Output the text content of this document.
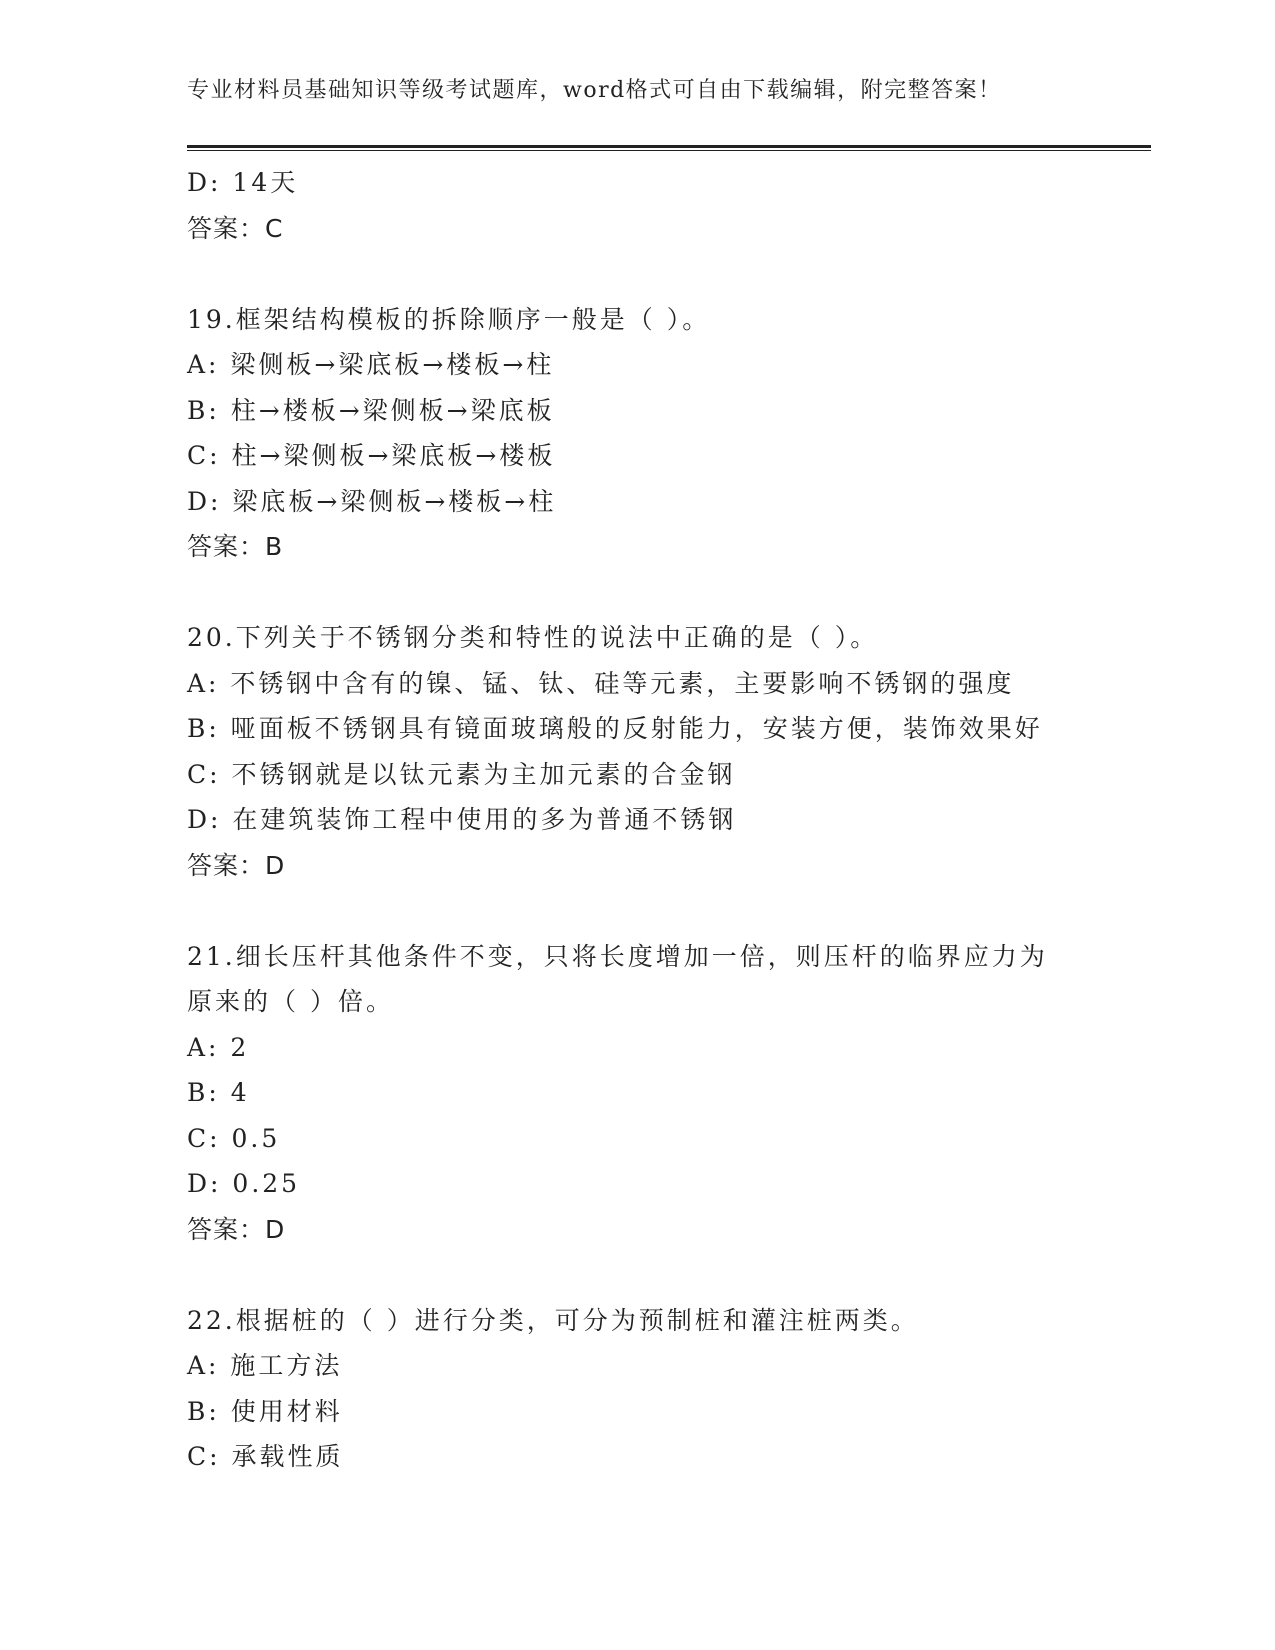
专业材料员基础知识等级考试题库，word格式可自由下载编辑，附完整答案！
D: 14天
答案：C
19.框架结构模板的拆除顺序一般是（ ）。
A: 梁侧板→梁底板→楼板→柱
B: 柱→楼板→梁侧板→梁底板
C: 柱→梁侧板→梁底板→楼板
D: 梁底板→梁侧板→楼板→柱
答案：B
20.下列关于不锈钢分类和特性的说法中正确的是（ ）。
A: 不锈钢中含有的镍、锰、钛、硅等元素，主要影响不锈钢的强度
B: 哑面板不锈钢具有镜面玻璃般的反射能力，安装方便，装饰效果好
C: 不锈钢就是以钛元素为主加元素的合金钢
D: 在建筑装饰工程中使用的多为普通不锈钢
答案：D
21.细长压杆其他条件不变，只将长度增加一倍，则压杆的临界应力为原来的（ ）倍。
A: 2
B: 4
C: 0.5
D: 0.25
答案：D
22.根据桩的（ ）进行分类，可分为预制桩和灌注桩两类。
A: 施工方法
B: 使用材料
C: 承载性质
